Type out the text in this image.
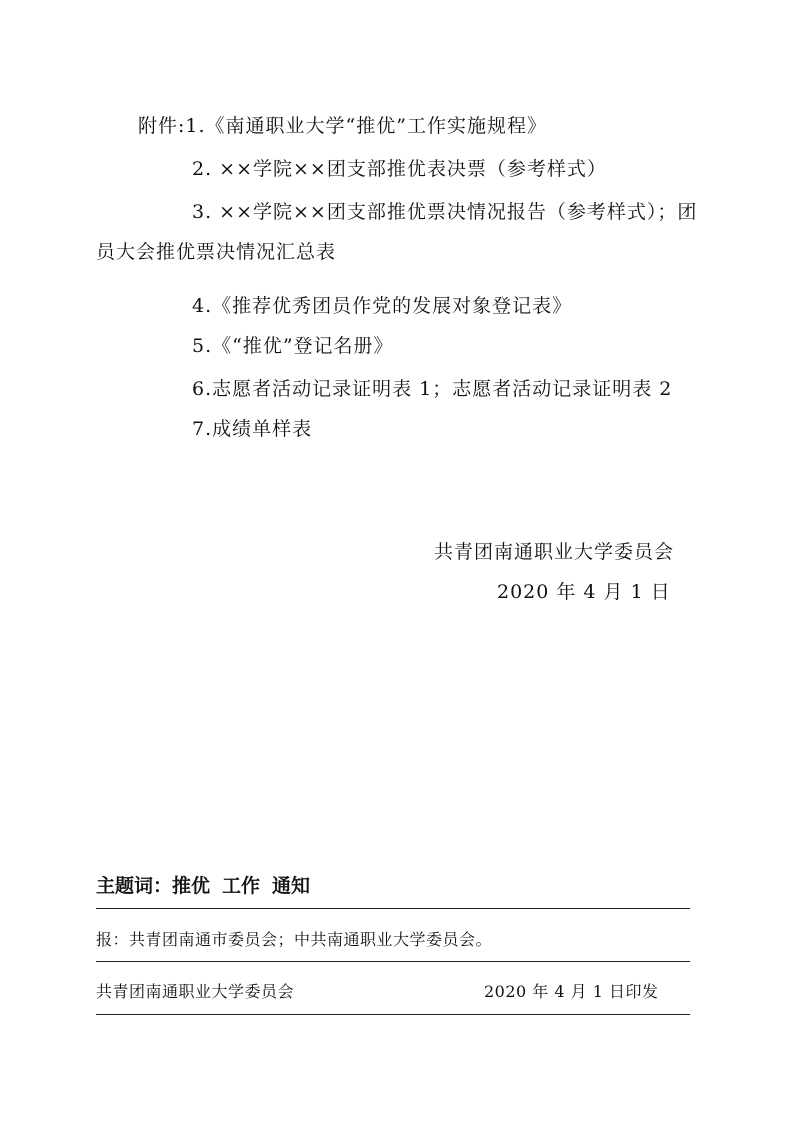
附件:1.《南通职业大学“推优”工作实施规程》
2. ××学院××团支部推优表决票（参考样式）
3. ××学院××团支部推优票决情况报告（参考样式）；团
员大会推优票决情况汇总表
4.《推荐优秀团员作党的发展对象登记表》
5.《“推优”登记名册》
6.志愿者活动记录证明表 1；志愿者活动记录证明表 2
7.成绩单样表
共青团南通职业大学委员会
2020 年 4 月 1 日
主题词：推优 工作 通知
报：共青团南通市委员会；中共南通职业大学委员会。
共青团南通职业大学委员会	2020 年 4 月 1 日印发
